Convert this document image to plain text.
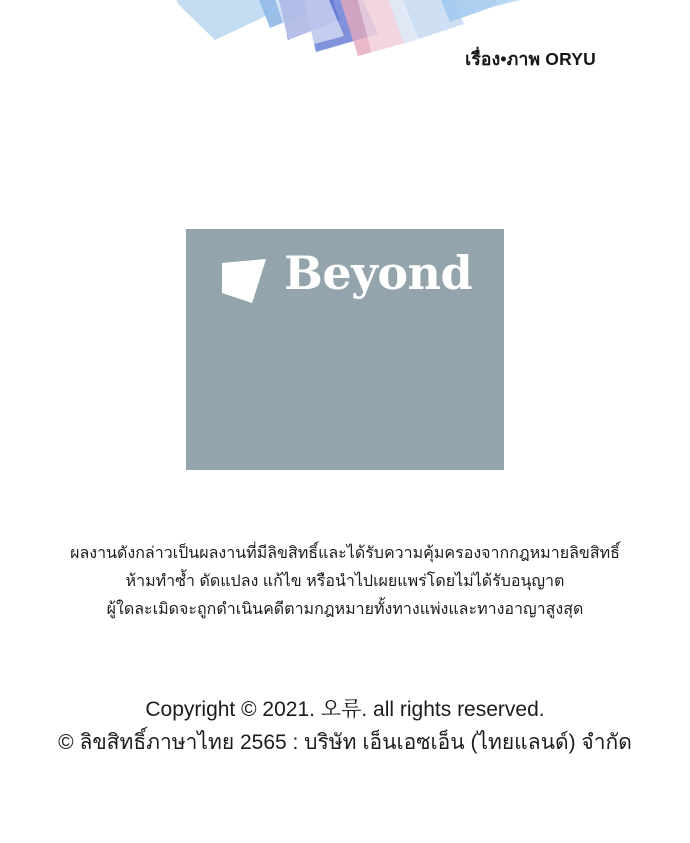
เรื่อง•ภาพ ORYU
Beyond
ผลงานดังกล่าวเป็นผลงานที่มีลิขสิทธิ์และได้รับความคุ้มครองจากกฎหมายลิขสิทธิ์
ห้ามทำซ้ำ ดัดแปลง แก้ไข หรือนำไปเผยแพร่โดยไม่ได้รับอนุญาต
ผู้ใดละเมิดจะถูกดำเนินคดีตามกฎหมายทั้งทางแพ่งและทางอาญาสูงสุด
Copyright © 2021. 오류. all rights reserved.
© ลิขสิทธิ์ภาษาไทย 2565 : บริษัท เอ็นเอซเอ็น (ไทยแลนด์) จำกัด
